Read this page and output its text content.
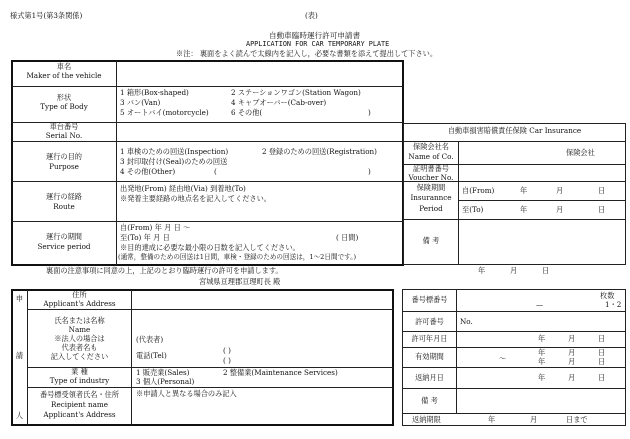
様式第1号(第3条関係)	(表)
自動車臨時運行許可申請書
APPLICATION FOR CAR TEMPORARY PLATE
※注： 裏面をよく読んで太線内を記入し，必要な書類を添えて提出して下さい。
車名
Maker of the vehicle
形状
Type of Body
1 箱形(Box-shaped)	2 ステーションワゴン(Station Wagon)
3 バン(Van)	4 キャブオーバー(Cab-over)
5 オートバイ(motorcycle)	6 その他(	)
車台番号
Serial No.
運行の目的
Purpose
1 車検のための回送(Inspection)	2 登録のための回送(Registration)
3 封印取付け(Seal)のための回送
4 その他(Other)	(	)
運行の経路
Route
出発地(From) 経由地(Via) 到着地(To)
※発着主要経路の地点名を記入してください。
運行の期間
Service period
自(From) 年 月 日 〜
至(To) 年 月 日	( 日間)
※目的達成に必要な最小限の日数を記入してください。
(通常，整備のための回送は1日間，車検・登録のための回送は，1〜2日間です。)
自動車損害賠償責任保険 Car Insurance
保険会社名
Name of Co.	保険会社
証明書番号
Voucher No.
保険期間
Insurannce
Period
自(From)	年	月	日
至(To)	年	月	日
備 考
裏面の注意事項に同意の上，上記のとおり臨時運行の許可を申請します。	年	月	日
宮城県亘理郡亘理町長 殿
申
請
人
住所
Applicant's Address
氏名または名称
Name
※法人の場合は
代表者名も
記入してください
(代表者)
電話(Tel)
( )
( )
業 種
Type of industry
1 販売業(Sales)	2 整備業(Maintenance Services)
3 個人(Personal)
番号標受領者氏名・住所
Recipient name
Applicant's Address
※申請人と異なる場合のみ記入
番号標番号	枚数
—	1・2
許可番号	No.
許可年月日	年	月	日
有効期間	年	月	日
〜	年	月	日
返納月日	年	月	日
備 考
返納期限	年	月	日まで
